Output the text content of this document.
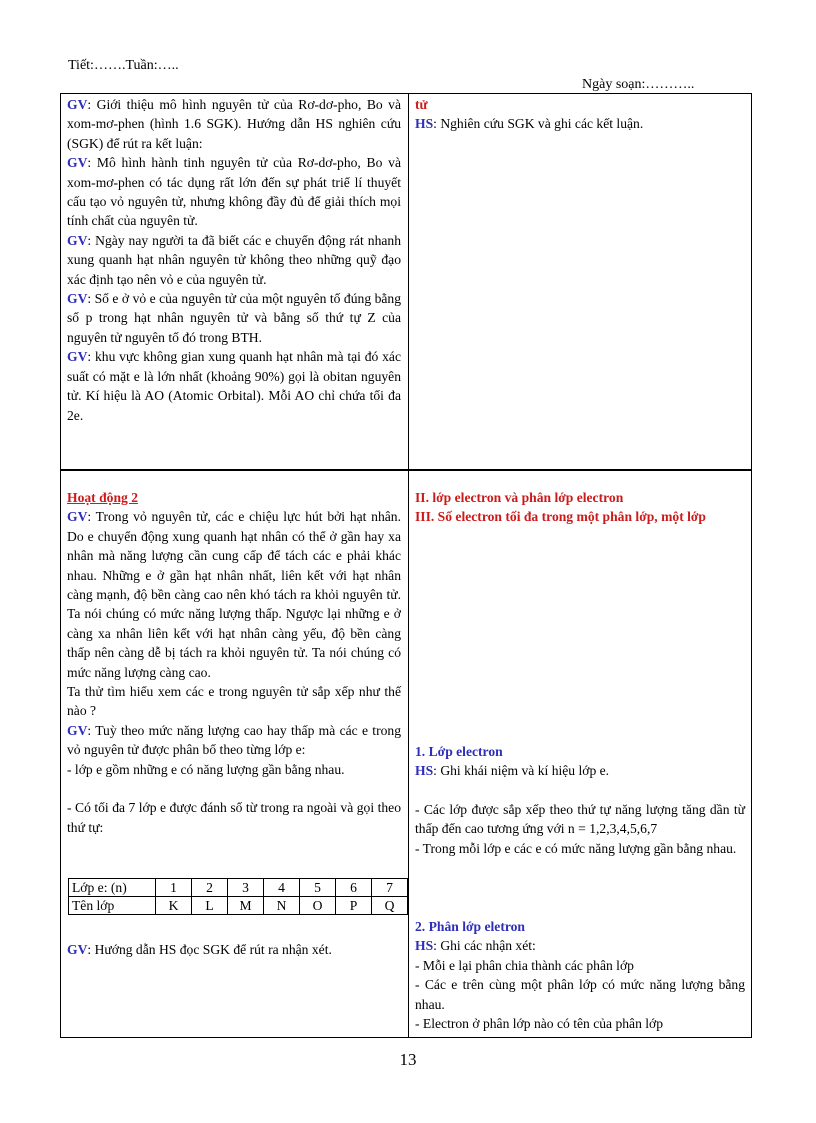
Tiết:…….Tuần:…..
Ngày soạn:………..

GV: Giới thiệu mô hình nguyên tử của Rơ-dơ-pho, Bo và xom-mơ-phen (hình 1.6 SGK). Hướng dẫn HS nghiên cứu (SGK) để rút ra kết luận:

GV: Mô hình hành tinh nguyên tử của Rơ-dơ-pho, Bo và xom-mơ-phen có tác dụng rất lớn đến sự phát triể lí thuyết cấu tạo vỏ nguyên tử, nhưng không đầy đủ để giải thích mọi tính chất của nguyên tử.

GV: Ngày nay người ta đã biết các e chuyển động rát nhanh xung quanh hạt nhân nguyên tử không theo những quỹ đạo xác định tạo nên vỏ e của nguyên tử.

GV: Số e ở vỏ e của nguyên tử của một nguyên tố đúng bằng số p trong hạt nhân nguyên tử và bằng số thứ tự Z của nguyên tử nguyên tố đó trong BTH.

GV: khu vực không gian xung quanh hạt nhân mà tại đó xác suất có mặt e là lớn nhất (khoảng 90%) gọi là obitan nguyên tử. Kí hiệu là AO (Atomic Orbital). Mỗi AO chỉ chứa tối đa 2e.

tử

HS: Nghiên cứu SGK và ghi các kết luận.

Hoạt động 2

GV: Trong vỏ nguyên tử, các e chiệu lực hút bởi hạt nhân. Do e chuyển động xung quanh hạt nhân có thể ở gần hay xa nhân mà năng lượng cần cung cấp để tách các e phải khác nhau. Những e ở gần hạt nhân nhất, liên kết với hạt nhân càng mạnh, độ bền càng cao nên khó tách ra khỏi nguyên tử. Ta nói chúng có mức năng lượng thấp. Ngược lại những e ở càng xa nhân liên kết với hạt nhân càng yếu, độ bền càng thấp nên càng dễ bị tách ra khỏi nguyên tử. Ta nói chúng có mức năng lượng càng cao.

Ta thử tìm hiểu xem các e trong nguyên tử sắp xếp như thế nào ?

GV: Tuỳ theo mức năng lượng cao hay thấp mà các e trong vỏ nguyên tử được phân bố theo từng lớp e:

- lớp e gồm những e có năng lượng gần bằng nhau.

- Có tối đa 7 lớp e được đánh số từ trong ra ngoài và gọi theo thứ tự:

Lớp e: (n)	1	2	3	4	5	6	7
Tên lớp	K	L	M	N	O	P	Q

GV: Hướng dẫn HS đọc SGK để rút ra nhận xét.

II. lớp electron và phân lớp electron

III. Số electron tối đa trong một phân lớp, một lớp

1. Lớp electron

HS: Ghi khái niệm và kí hiệu lớp e.

- Các lớp được sắp xếp theo thứ tự năng lượng tăng dần từ thấp đến cao tương ứng với n = 1,2,3,4,5,6,7

- Trong mỗi lớp e các e có mức năng lượng gần bằng nhau.

2. Phân lớp eletron

HS: Ghi các nhận xét:

- Mỗi e lại phân chia thành các phân lớp

- Các e trên cùng một phân lớp có mức năng lượng bằng nhau.

- Electron ở phân lớp nào có tên của phân lớp

13
